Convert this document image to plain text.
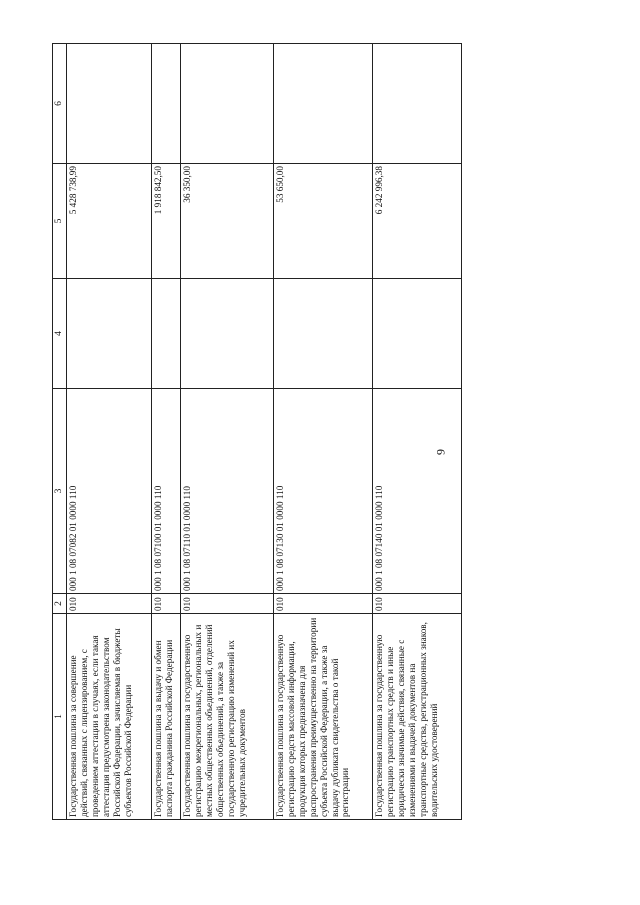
9
1	2	3	4	5	6
Государственная пошлина за совершение действий, связанных с лицензированием, с проведением аттестации в случаях, если такая аттестация предусмотрена законодательством Российской Федерации, зачисляемая в бюджеты субъектов Российской Федерации	010	000 1 08 07082 01 0000 110		5 428 738,99	
Государственная пошлина за выдачу и обмен паспорта гражданина Российской Федерации	010	000 1 08 07100 01 0000 110		1 918 842,50	
Государственная пошлина за государственную регистрацию межрегиональных, региональных и местных общественных объединений, отделений общественных объединений, а также за государственную регистрацию изменений их учредительных документов	010	000 1 08 07110 01 0000 110		36 350,00	
Государственная пошлина за государственную регистрацию средств массовой информации, продукция которых предназначена для распространения преимущественно на территории субъекта Российской Федерации, а также за выдачу дубликата свидетельства о такой регистрации	010	000 1 08 07130 01 0000 110		53 650,00	
Государственная пошлина за государственную регистрацию транспортных средств и иные юридически значимые действия, связанные с изменениями и выдачей документов на транспортные средства, регистрационных знаков, водительских удостоверений	010	000 1 08 07140 01 0000 110		6 242 996,38	
